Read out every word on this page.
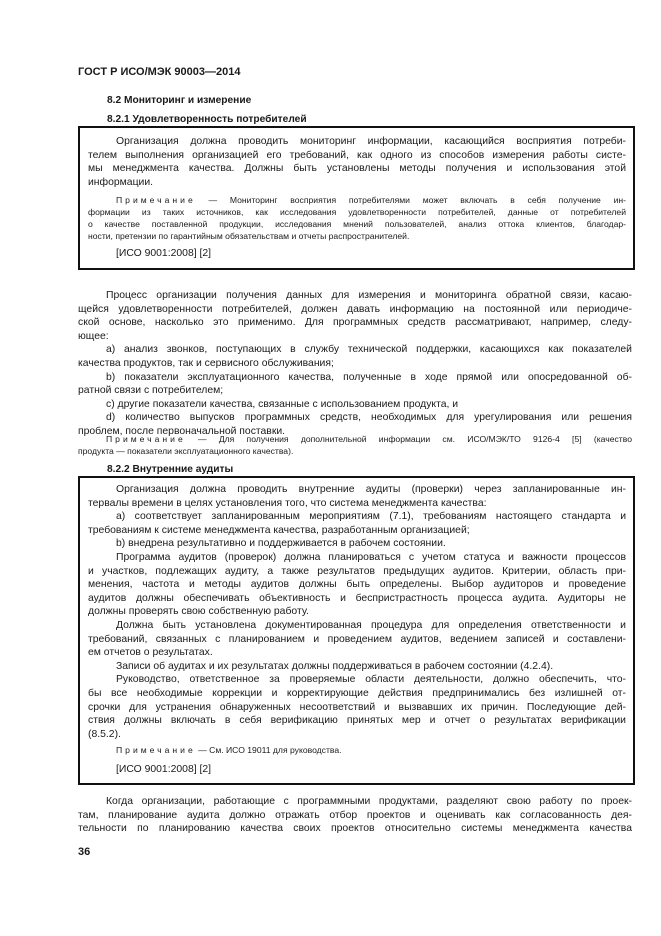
ГОСТ Р ИСО/МЭК 90003—2014
8.2 Мониторинг и измерение
8.2.1 Удовлетворенность потребителей
Организация должна проводить мониторинг информации, касающийся восприятия потреби-
телем выполнения организацией его требований, как одного из способов измерения работы систе-
мы менеджмента качества. Должны быть установлены методы получения и использования этой
информации.
Примечание — Мониторинг восприятия потребителями может включать в себя получение ин-
формации из таких источников, как исследования удовлетворенности потребителей, данные от потребителей
о качестве поставленной продукции, исследования мнений пользователей, анализ оттока клиентов, благодар-
ности, претензии по гарантийным обязательствам и отчеты распространителей.
[ИСО 9001:2008] [2]
Процесс организации получения данных для измерения и мониторинга обратной связи, касаю-
щейся удовлетворенности потребителей, должен давать информацию на постоянной или периодиче-
ской основе, насколько это применимо. Для программных средств рассматривают, например, следу-
ющее:
а) анализ звонков, поступающих в службу технической поддержки, касающихся как показателей
качества продуктов, так и сервисного обслуживания;
b) показатели эксплуатационного качества, полученные в ходе прямой или опосредованной об-
ратной связи с потребителем;
с) другие показатели качества, связанные с использованием продукта, и
d) количество выпусков программных средств, необходимых для урегулирования или решения
проблем, после первоначальной поставки.
Примечание — Для получения дополнительной информации см. ИСО/МЭК/ТО 9126-4 [5] (качество
продукта — показатели эксплуатационного качества).
8.2.2 Внутренние аудиты
Организация должна проводить внутренние аудиты (проверки) через запланированные ин-
тервалы времени в целях установления того, что система менеджмента качества:
а) соответствует запланированным мероприятиям (7.1), требованиям настоящего стандарта и
требованиям к системе менеджмента качества, разработанным организацией;
b) внедрена результативно и поддерживается в рабочем состоянии.
Программа аудитов (проверок) должна планироваться с учетом статуса и важности процессов
и участков, подлежащих аудиту, а также результатов предыдущих аудитов. Критерии, область при-
менения, частота и методы аудитов должны быть определены. Выбор аудиторов и проведение
аудитов должны обеспечивать объективность и беспристрастность процесса аудита. Аудиторы не
должны проверять свою собственную работу.
Должна быть установлена документированная процедура для определения ответственности и
требований, связанных с планированием и проведением аудитов, ведением записей и составлени-
ем отчетов о результатах.
Записи об аудитах и их результатах должны поддерживаться в рабочем состоянии (4.2.4).
Руководство, ответственное за проверяемые области деятельности, должно обеспечить, что-
бы все необходимые коррекции и корректирующие действия предпринимались без излишней от-
срочки для устранения обнаруженных несоответствий и вызвавших их причин. Последующие дей-
ствия должны включать в себя верификацию принятых мер и отчет о результатах верификации
(8.5.2).
Примечание — См. ИСО 19011 для руководства.
[ИСО 9001:2008] [2]
Когда организации, работающие с программными продуктами, разделяют свою работу по проек-
там, планирование аудита должно отражать отбор проектов и оценивать как согласованность дея-
тельности по планированию качества своих проектов относительно системы менеджмента качества
36
